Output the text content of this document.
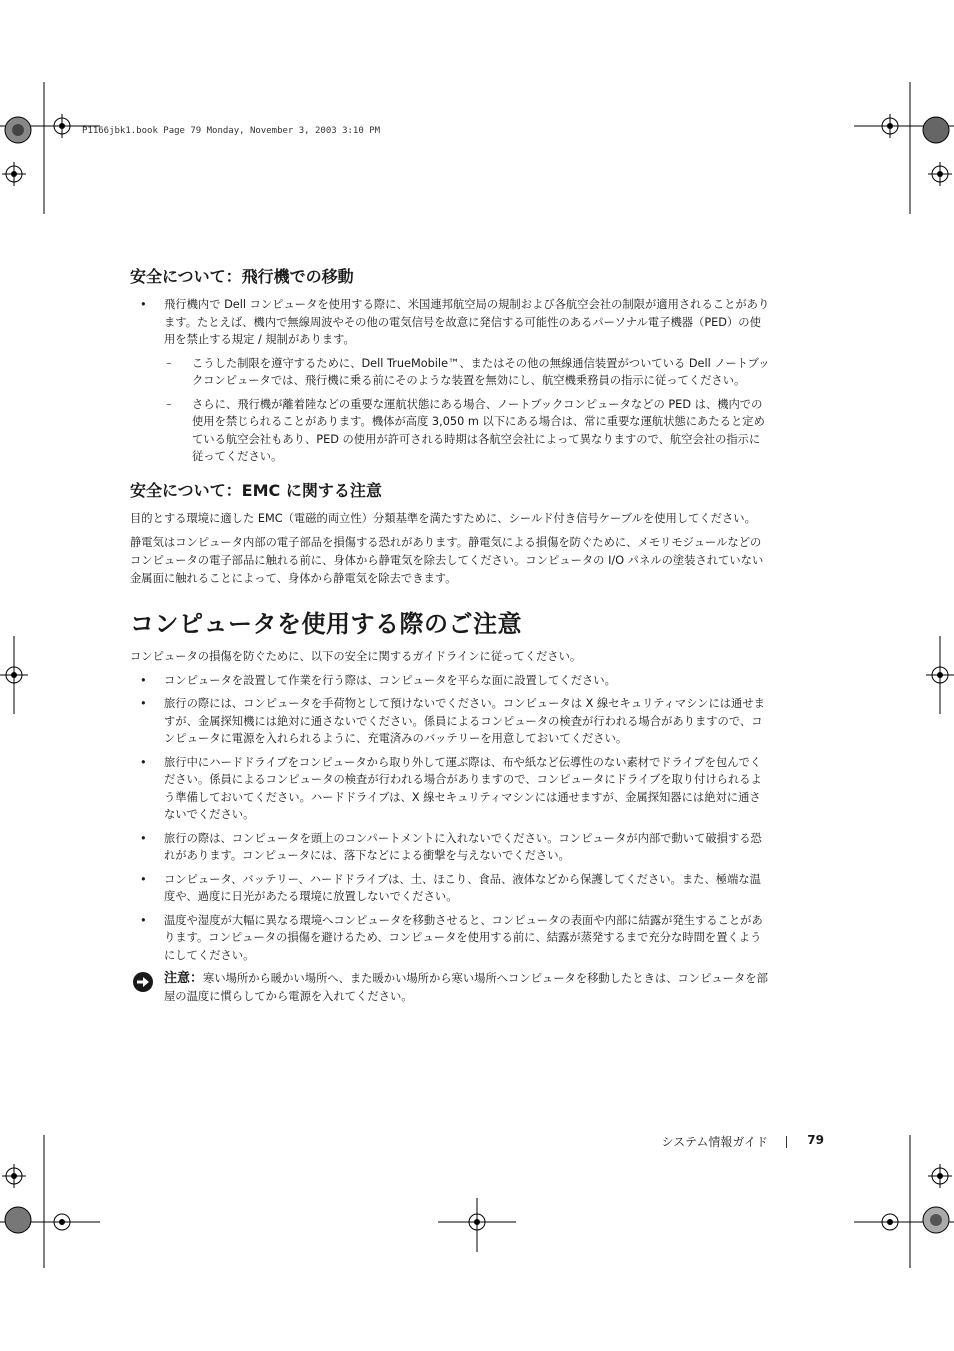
P1166jbk1.book Page 79 Monday, November 3, 2003 3:10 PM
安全について：飛行機での移動
• 飛行機内で Dell コンピュータを使用する際に、米国連邦航空局の規制および各航空会社の制限が適用されることがあります。たとえば、機内で無線周波やその他の電気信号を故意に発信する可能性のあるパーソナル電子機器（PED）の使用を禁止する規定 / 規制があります。
– こうした制限を遵守するために、Dell TrueMobile™、またはその他の無線通信装置がついている Dell ノートブックコンピュータでは、飛行機に乗る前にそのような装置を無効にし、航空機乗務員の指示に従ってください。
– さらに、飛行機が離着陸などの重要な運航状態にある場合、ノートブックコンピュータなどの PED は、機内での使用を禁じられることがあります。機体が高度 3,050 m 以下にある場合は、常に重要な運航状態にあたると定めている航空会社もあり、PED の使用が許可される時期は各航空会社によって異なりますので、航空会社の指示に従ってください。
安全について：EMC に関する注意

目的とする環境に適した EMC（電磁的両立性）分類基準を満たすために、シールド付き信号ケーブルを使用してください。

静電気はコンピュータ内部の電子部品を損傷する恐れがあります。静電気による損傷を防ぐために、メモリモジュールなどのコンピュータの電子部品に触れる前に、身体から静電気を除去してください。コンピュータの I/O パネルの塗装されていない金属面に触れることによって、身体から静電気を除去できます。

コンピュータを使用する際のご注意

コンピュータの損傷を防ぐために、以下の安全に関するガイドラインに従ってください。

• コンピュータを設置して作業を行う際は、コンピュータを平らな面に設置してください。
• 旅行の際には、コンピュータを手荷物として預けないでください。コンピュータは X 線セキュリティマシンには通せますが、金属探知機には絶対に通さないでください。係員によるコンピュータの検査が行われる場合がありますので、コンピュータに電源を入れられるように、充電済みのバッテリーを用意しておいてください。
• 旅行中にハードドライブをコンピュータから取り外して運ぶ際は、布や紙など伝導性のない素材でドライブを包んでください。係員によるコンピュータの検査が行われる場合がありますので、コンピュータにドライブを取り付けられるよう準備しておいてください。ハードドライブは、X 線セキュリティマシンには通せますが、金属探知器には絶対に通さないでください。
• 旅行の際は、コンピュータを頭上のコンパートメントに入れないでください。コンピュータが内部で動いて破損する恐れがあります。コンピュータには、落下などによる衝撃を与えないでください。
• コンピュータ、バッテリー、ハードドライブは、土、ほこり、食品、液体などから保護してください。また、極端な温度や、過度に日光があたる環境に放置しないでください。
• 温度や湿度が大幅に異なる環境へコンピュータを移動させると、コンピュータの表面や内部に結露が発生することがあります。コンピュータの損傷を避けるため、コンピュータを使用する前に、結露が蒸発するまで充分な時間を置くようにしてください。
注意：寒い場所から暖かい場所へ、また暖かい場所から寒い場所へコンピュータを移動したときは、コンピュータを部屋の温度に慣らしてから電源を入れてください。
システム情報ガイド	79
